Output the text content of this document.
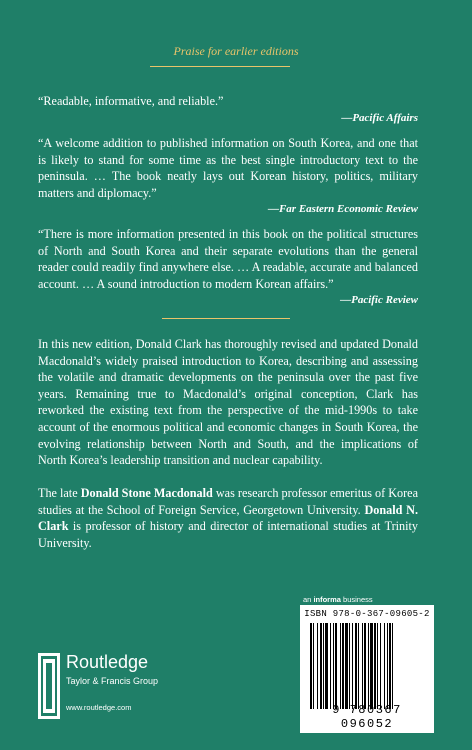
Praise for earlier editions

“Readable, informative, and reliable.”

—Pacific Affairs

“A welcome addition to published information on South Korea, and one that is likely to stand for some time as the best single introductory text to the peninsula. … The book neatly lays out Korean history, politics, military matters and diplomacy.”

—Far Eastern Economic Review

“There is more information presented in this book on the political structures of North and South Korea and their separate evolutions than the general reader could readily find anywhere else. … A readable, accurate and balanced account. … A sound introduction to modern Korean affairs.”

—Pacific Review

In this new edition, Donald Clark has thoroughly revised and updated Donald Macdonald’s widely praised introduction to Korea, describing and assessing the volatile and dramatic developments on the peninsula over the past five years. Remaining true to Macdonald’s original conception, Clark has reworked the existing text from the perspective of the mid-1990s to take account of the enormous political and economic changes in South Korea, the evolving relationship between North and South, and the implications of North Korea’s leadership transition and nuclear capability.

The late Donald Stone Macdonald was research professor emeritus of Korea studies at the School of Foreign Service, Georgetown University. Donald N. Clark is professor of history and director of international studies at Trinity University.

an informa business
ISBN 978-0-367-09605-2
9 780367 096052
Routledge
Taylor & Francis Group
www.routledge.com
